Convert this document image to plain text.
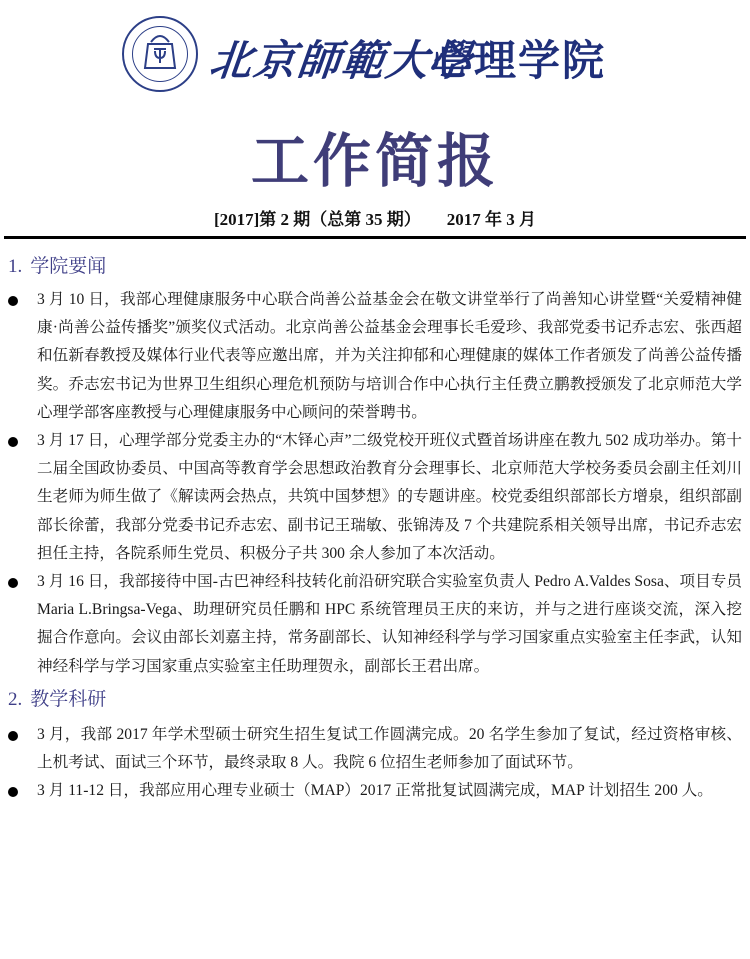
北京師範大學
心理学院
工作简报
[2017]第 2 期（总第 35 期） 2017 年 3 月
1. 学院要闻

3 月 10 日，我部心理健康服务中心联合尚善公益基金会在敬文讲堂举行了尚善知心讲堂暨“关爱精神健康·尚善公益传播奖”颁奖仪式活动。北京尚善公益基金会理事长毛爱珍、我部党委书记乔志宏、张西超和伍新春教授及媒体行业代表等应邀出席，并为关注抑郁和心理健康的媒体工作者颁发了尚善公益传播奖。乔志宏书记为世界卫生组织心理危机预防与培训合作中心执行主任费立鹏教授颁发了北京师范大学心理学部客座教授与心理健康服务中心顾问的荣誉聘书。

3 月 17 日，心理学部分党委主办的“木铎心声”二级党校开班仪式暨首场讲座在教九 502 成功举办。第十二届全国政协委员、中国高等教育学会思想政治教育分会理事长、北京师范大学校务委员会副主任刘川生老师为师生做了《解读两会热点，共筑中国梦想》的专题讲座。校党委组织部部长方增泉，组织部副部长徐蕾，我部分党委书记乔志宏、副书记王瑞敏、张锦涛及 7 个共建院系相关领导出席，书记乔志宏担任主持，各院系师生党员、积极分子共 300 余人参加了本次活动。

3 月 16 日，我部接待中国-古巴神经科技转化前沿研究联合实验室负责人 Pedro A.Valdes Sosa、项目专员 Maria L.Bringsa-Vega、助理研究员任鹏和 HPC 系统管理员王庆的来访，并与之进行座谈交流，深入挖掘合作意向。会议由部长刘嘉主持，常务副部长、认知神经科学与学习国家重点实验室主任李武，认知神经科学与学习国家重点实验室主任助理贺永，副部长王君出席。

2. 教学科研

3 月，我部 2017 年学术型硕士研究生招生复试工作圆满完成。20 名学生参加了复试，经过资格审核、上机考试、面试三个环节，最终录取 8 人。我院 6 位招生老师参加了面试环节。

3 月 11-12 日，我部应用心理专业硕士（MAP）2017 正常批复试圆满完成，MAP 计划招生 200 人。
